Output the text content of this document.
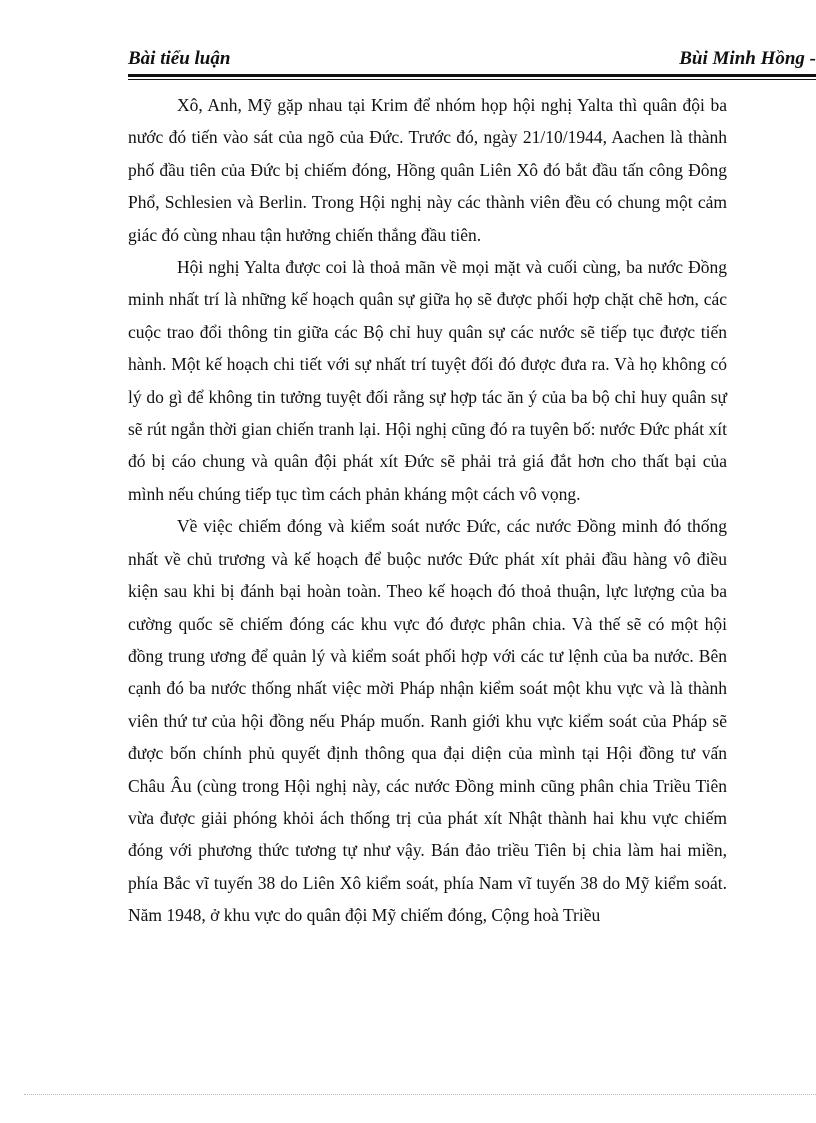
Bài tiểu luận	Bùi Minh Hồng -

Xô, Anh, Mỹ gặp nhau tại Krim để nhóm họp hội nghị Yalta thì quân đội ba nước đó tiến vào sát của ngõ của Đức. Trước đó, ngày 21/10/1944, Aachen là thành phố đầu tiên của Đức bị chiếm đóng, Hồng quân Liên Xô đó bắt đầu tấn công Đông Phổ, Schlesien và Berlin. Trong Hội nghị này các thành viên đều có chung một cảm giác đó cùng nhau tận hưởng chiến thắng đầu tiên.

Hội nghị Yalta được coi là thoả mãn về mọi mặt và cuối cùng, ba nước Đồng minh nhất trí là những kế hoạch quân sự giữa họ sẽ được phối hợp chặt chẽ hơn, các cuộc trao đổi thông tin giữa các Bộ chỉ huy quân sự các nước sẽ tiếp tục được tiến hành. Một kế hoạch chi tiết với sự nhất trí tuyệt đối đó được đưa ra. Và họ không có lý do gì để không tin tưởng tuyệt đối rằng sự hợp tác ăn ý của ba bộ chỉ huy quân sự sẽ rút ngắn thời gian chiến tranh lại. Hội nghị cũng đó ra tuyên bố: nước Đức phát xít đó bị cáo chung và quân đội phát xít Đức sẽ phải trả giá đắt hơn cho thất bại của mình nếu chúng tiếp tục tìm cách phản kháng một cách vô vọng.

Về việc chiếm đóng và kiểm soát nước Đức, các nước Đồng minh đó thống nhất về chủ trương và kế hoạch để buộc nước Đức phát xít phải đầu hàng vô điều kiện sau khi bị đánh bại hoàn toàn. Theo kế hoạch đó thoả thuận, lực lượng của ba cường quốc sẽ chiếm đóng các khu vực đó được phân chia. Và thế sẽ có một hội đồng trung ương để quản lý và kiểm soát phối hợp với các tư lệnh của ba nước. Bên cạnh đó ba nước thống nhất việc mời Pháp nhận kiểm soát một khu vực và là thành viên thứ tư của hội đồng nếu Pháp muốn. Ranh giới khu vực kiểm soát của Pháp sẽ được bốn chính phủ quyết định thông qua đại diện của mình tại Hội đồng tư vấn Châu Âu (cùng trong Hội nghị này, các nước Đồng minh cũng phân chia Triều Tiên vừa được giải phóng khỏi ách thống trị của phát xít Nhật thành hai khu vực chiếm đóng với phương thức tương tự như vậy. Bán đảo triều Tiên bị chia làm hai miền, phía Bắc vĩ tuyến 38 do Liên Xô kiểm soát, phía Nam vĩ tuyến 38 do Mỹ kiểm soát. Năm 1948, ở khu vực do quân đội Mỹ chiếm đóng, Cộng hoà Triều
